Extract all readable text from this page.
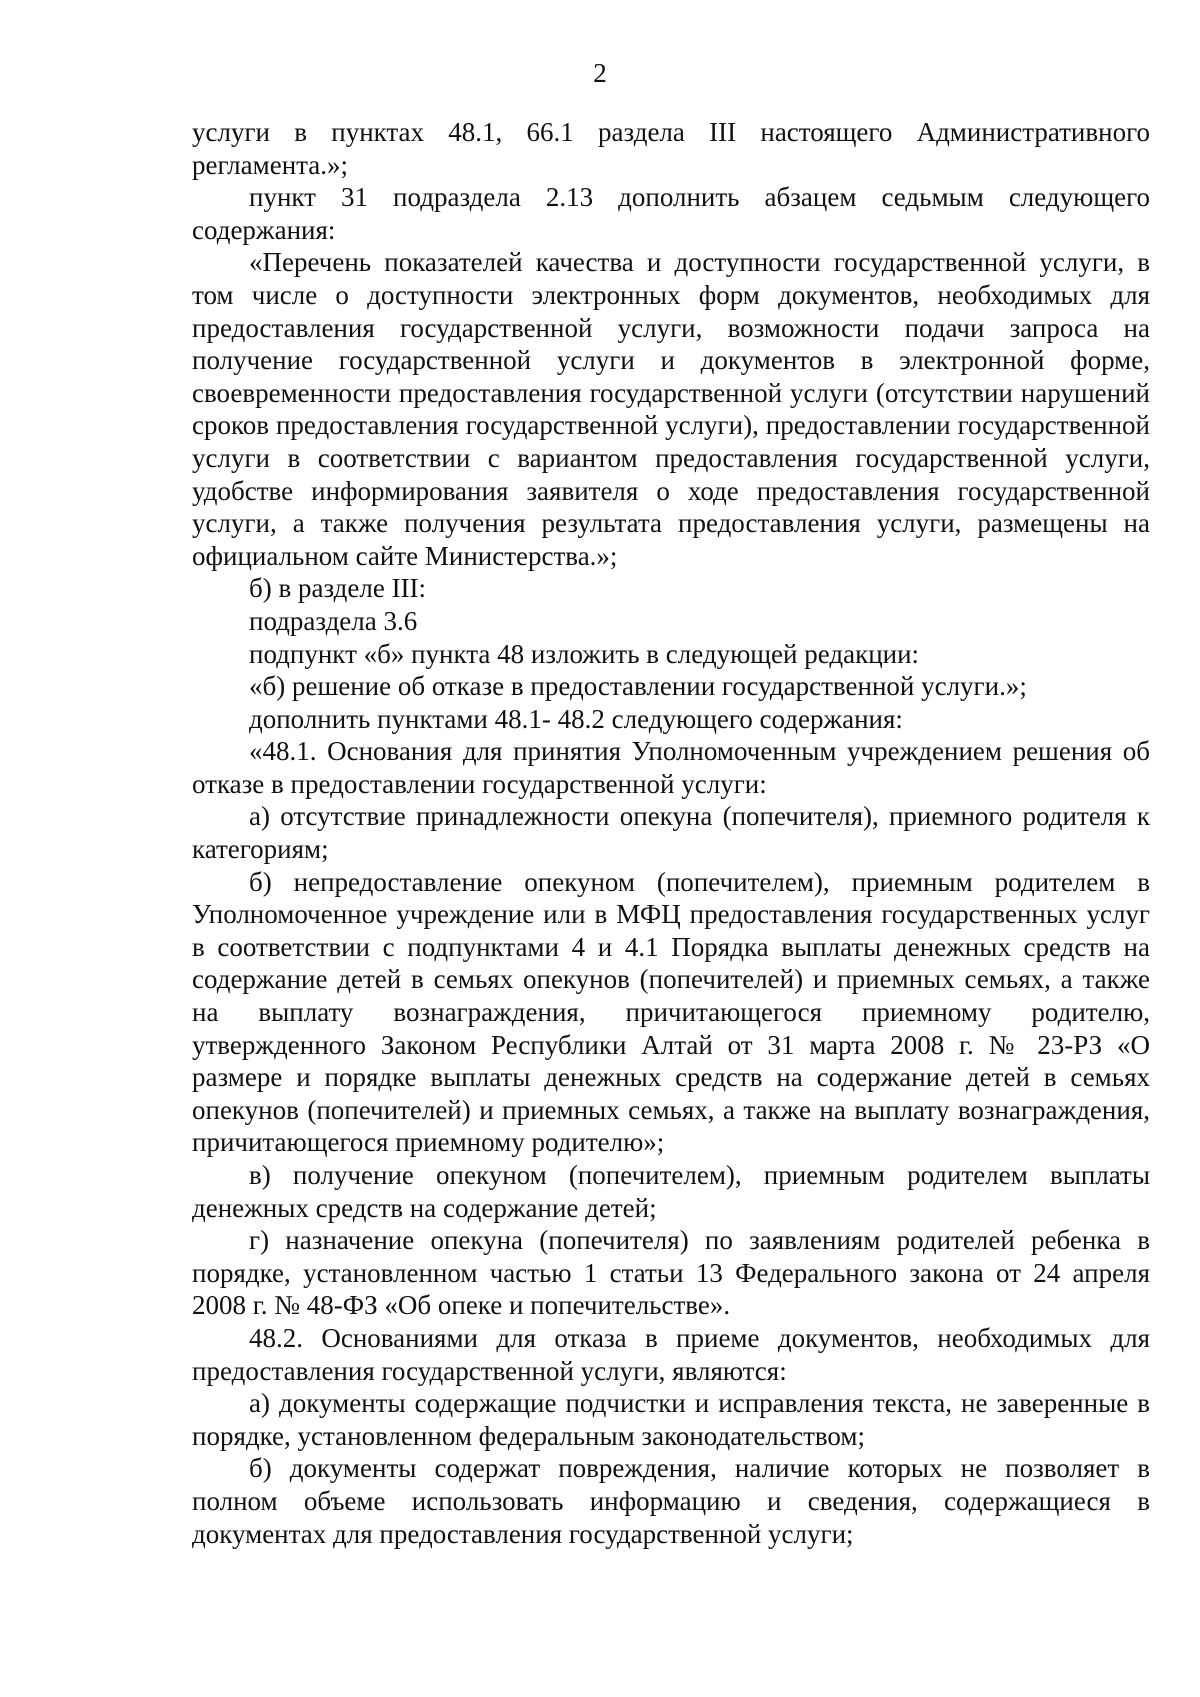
2

услуги в пунктах 48.1, 66.1 раздела III настоящего Административного регламента.»;

пункт 31 подраздела 2.13 дополнить абзацем седьмым следующего содержания:

«Перечень показателей качества и доступности государственной услуги, в том числе о доступности электронных форм документов, необходимых для предоставления государственной услуги, возможности подачи запроса на получение государственной услуги и документов в электронной форме, своевременности предоставления государственной услуги (отсутствии нарушений сроков предоставления государственной услуги), предоставлении государственной услуги в соответствии с вариантом предоставления государственной услуги, удобстве информирования заявителя о ходе предоставления государственной услуги, а также получения результата предоставления услуги, размещены на официальном сайте Министерства.»;

б) в разделе III:

подраздела 3.6

подпункт «б» пункта 48 изложить в следующей редакции:

«б) решение об отказе в предоставлении государственной услуги.»;

дополнить пунктами 48.1- 48.2 следующего содержания:

«48.1. Основания для принятия Уполномоченным учреждением решения об отказе в предоставлении государственной услуги:

а) отсутствие принадлежности опекуна (попечителя), приемного родителя к категориям;

б) непредоставление опекуном (попечителем), приемным родителем в Уполномоченное учреждение или в МФЦ предоставления государственных услуг в соответствии с подпунктами 4 и 4.1 Порядка выплаты денежных средств на содержание детей в семьях опекунов (попечителей) и приемных семьях, а также на выплату вознаграждения, причитающегося приемному родителю, утвержденного Законом Республики Алтай от 31 марта 2008 г. № 23-РЗ «О размере и порядке выплаты денежных средств на содержание детей в семьях опекунов (попечителей) и приемных семьях, а также на выплату вознаграждения, причитающегося приемному родителю»;

в) получение опекуном (попечителем), приемным родителем выплаты денежных средств на содержание детей;

г) назначение опекуна (попечителя) по заявлениям родителей ребенка в порядке, установленном частью 1 статьи 13 Федерального закона от 24 апреля 2008 г. № 48-ФЗ «Об опеке и попечительстве».

48.2. Основаниями для отказа в приеме документов, необходимых для предоставления государственной услуги, являются:

а) документы содержащие подчистки и исправления текста, не заверенные в порядке, установленном федеральным законодательством;

б) документы содержат повреждения, наличие которых не позволяет в полном объеме использовать информацию и сведения, содержащиеся в документах для предоставления государственной услуги;
